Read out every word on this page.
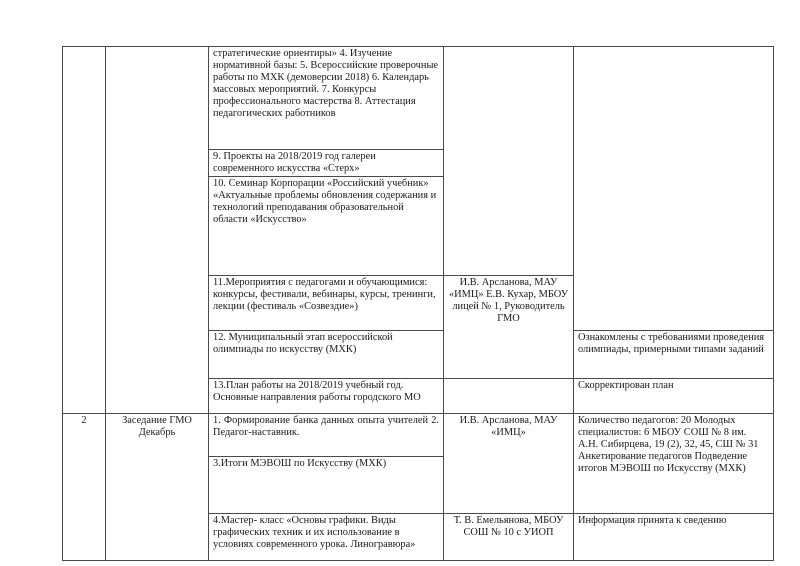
		стратегические ориентиры» 4. Изучение нормативной базы: 5. Всероссийские проверочные работы по МХК (демоверсии 2018) 6. Календарь массовых мероприятий. 7. Конкурсы профессионального мастерства 8. Аттестация педагогических работников		
		9. Проекты на 2018/2019 год галереи современного искусства «Стерх»		
		10. Семинар Корпорации «Российский учебник» «Актуальные проблемы обновления содержания и технологий преподавания образовательной области «Искусство»		
		11.Мероприятия с педагогами и обучающимися: конкурсы, фестивали, вебинары, курсы, тренинги, лекции (фестиваль «Созвездие»)	И.В. Арсланова, МАУ «ИМЦ» Е.В. Кухар, МБОУ лицей № 1, Руководитель ГМО	
		12. Муниципальный этап всероссийской олимпиады по искусству (МХК)		Ознакомлены с требованиями проведения олимпиады, примерными типами заданий
		13.План работы на 2018/2019 учебный год. Основные направления работы городского МО		Скорректирован план
2	Заседание ГМО Декабрь	1. Формирование банка данных опыта учителей 2. Педагог-наставник.	И.В. Арсланова, МАУ «ИМЦ»	Количество педагогов: 20 Молодых специалистов: 6 МБОУ СОШ № 8 им. А.Н. Сибирцева, 19 (2), 32, 45, СШ № 31 Анкетирование педагогов Подведение итогов МЭВОШ по Искусству (МХК)
		3.Итоги МЭВОШ по Искусству (МХК)		
		4.Мастер- класс «Основы графики. Виды графических техник и их использование в условиях современного урока. Линогравюра»	Т. В. Емельянова, МБОУ СОШ № 10 с УИОП	Информация принята к сведению
